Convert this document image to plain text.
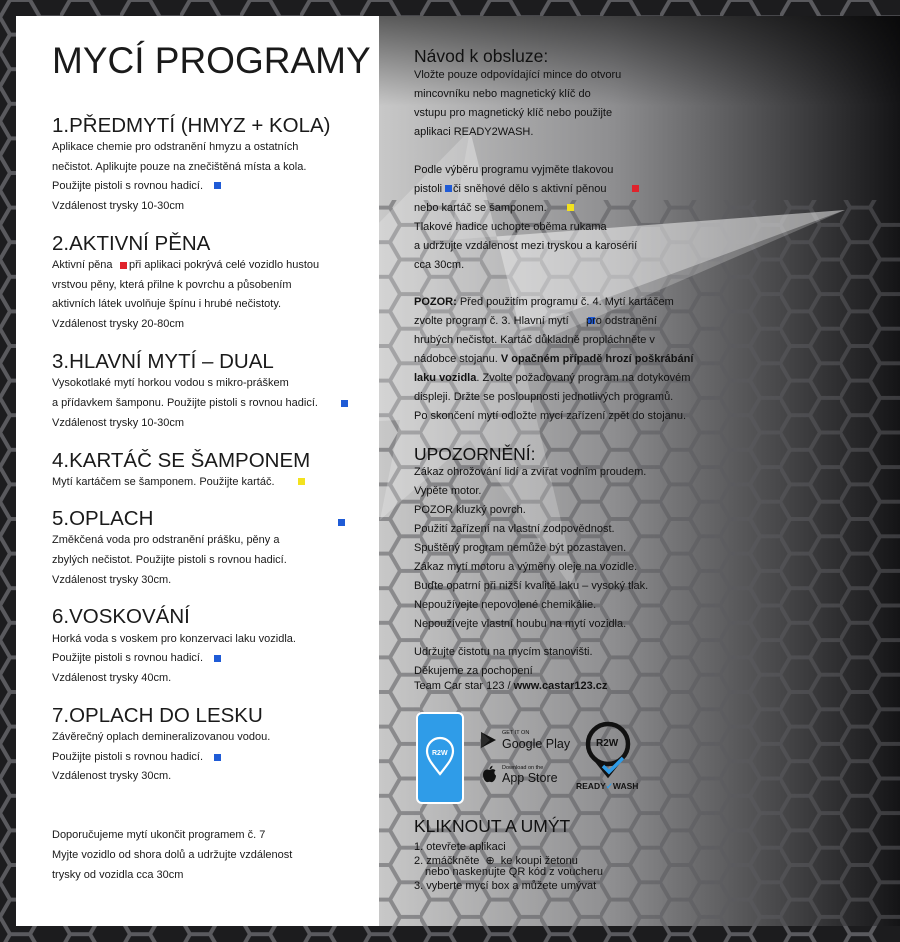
MYCÍ PROGRAMY
1.PŘEDMYTÍ (HMYZ + KOLA)
Aplikace chemie pro odstranění hmyzu a ostatních
nečistot. Aplikujte pouze na znečištěná místa a kola.
Použijte pistoli s rovnou hadicí.
Vzdálenost trysky 10-30cm
2.AKTIVNÍ PĚNA
Aktivní pěna při aplikaci pokrývá celé vozidlo hustou
vrstvou pěny, která přilne k povrchu a působením
aktivních látek uvolňuje špínu i hrubé nečistoty.
Vzdálenost trysky 20-80cm
3.HLAVNÍ MYTÍ – DUAL
Vysokotlaké mytí horkou vodou s mikro-práškem
a přídavkem šamponu. Použijte pistoli s rovnou hadicí.
Vzdálenost trysky 10-30cm
4.KARTÁČ SE ŠAMPONEM
Mytí kartáčem se šamponem. Použijte kartáč.
5.OPLACH
Změkčená voda pro odstranění prášku, pěny a
zbylých nečistot. Použijte pistoli s rovnou hadicí.
Vzdálenost trysky 30cm.
6.VOSKOVÁNÍ
Horká voda s voskem pro konzervaci laku vozidla.
Použijte pistoli s rovnou hadicí.
Vzdálenost trysky 40cm.
7.OPLACH DO LESKU
Závěrečný oplach demineralizovanou vodou.
Použijte pistoli s rovnou hadicí.
Vzdálenost trysky 30cm.
Doporučujeme mytí ukončit programem č. 7
Myjte vozidlo od shora dolů a udržujte vzdálenost
trysky od vozidla cca 30cm
Návod k obsluze:
Vložte pouze odpovídající mince do otvoru
mincovníku nebo magnetický klíč do
vstupu pro magnetický klíč nebo použijte
aplikaci READY2WASH.
Podle výběru programu vyjměte tlakovou
pistoli či sněhové dělo s aktivní pěnou
nebo kartáč se šamponem.
Tlakové hadice uchopte oběma rukama
a udržujte vzdálenost mezi tryskou a karosérií
cca 30cm.
POZOR: Před použitím programu č. 4. Mytí kartáčem
zvolte program č. 3. Hlavní mytí pro odstranění
hrubých nečistot. Kartáč důkladně propláchněte v
nádobce stojanu. V opačném případě hrozí poškrábání
laku vozidla. Zvolte požadovaný program na dotykovém
displeji. Držte se posloupnosti jednotlivých programů.
Po skončení mytí odložte mycí zařízení zpět do stojanu.
UPOZORNĚNÍ:
Zákaz ohrožování lidí a zvířat vodním proudem.
Vypěte motor.
POZOR kluzký povrch.
Použití zařízení na vlastní zodpovědnost.
Spuštěný program nemůže být pozastaven.
Zákaz mytí motoru a výměny oleje na vozidle.
Buďte opatrní při nižší kvalitě laku – vysoký tlak.
Nepoužívejte nepovolené chemikálie.
Nepoužívejte vlastní houbu na mytí vozidla.
Udržujte čistotu na mycím stanovišti.
Děkujeme za pochopení
Team Car star 123 / www.castar123.cz
R2W
GET IT ON
Google Play
Download on the
App Store
R2W
READY✓WASH
KLIKNOUT A UMÝT
1. otevřete aplikaci
2. zmáčkněte ⊕ ke koupi žetonu
nebo naskenujte QR kód z voucheru
3. vyberte mycí box a můžete umývat
